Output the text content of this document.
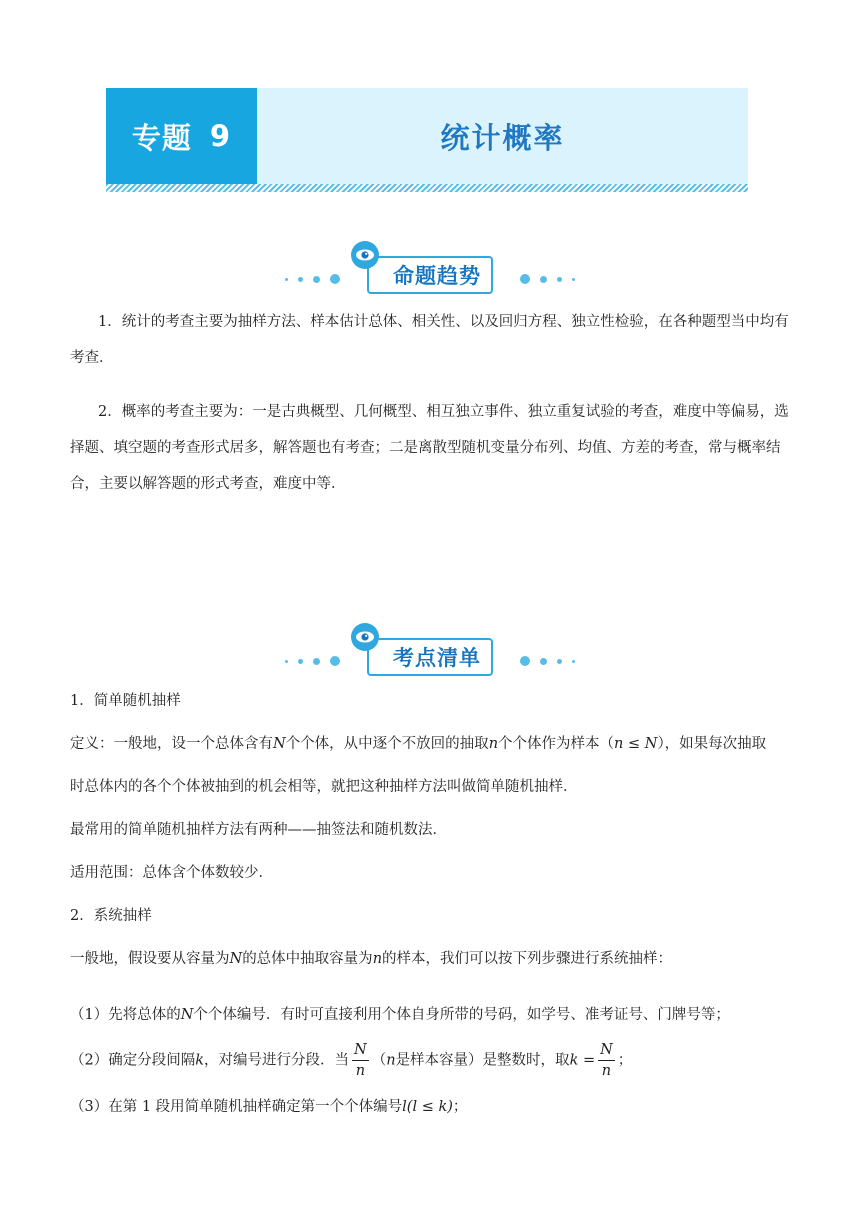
专题 9	统计概率
命题趋势
1．统计的考查主要为抽样方法、样本估计总体、相关性、以及回归方程、独立性检验，在各种题型当中均有考查．
2．概率的考查主要为：一是古典概型、几何概型、相互独立事件、独立重复试验的考查，难度中等偏易，选择题、填空题的考查形式居多，解答题也有考查；二是离散型随机变量分布列、均值、方差的考查，常与概率结合，主要以解答题的形式考查，难度中等．
考点清单
1．简单随机抽样
定义：一般地，设一个总体含有N个个体，从中逐个不放回的抽取n个个体作为样本（n ≤ N），如果每次抽取
时总体内的各个个体被抽到的机会相等，就把这种抽样方法叫做简单随机抽样．
最常用的简单随机抽样方法有两种——抽签法和随机数法．
适用范围：总体含个体数较少．
2．系统抽样
一般地，假设要从容量为N的总体中抽取容量为n的样本，我们可以按下列步骤进行系统抽样：
（1）先将总体的N个个体编号．有时可直接利用个体自身所带的号码，如学号、准考证号、门牌号等；
（2）确定分段间隔k，对编号进行分段．当 $\frac{N}{n} (n$是样本容量）是整数时，取$k = \frac{N}{n}$ ；
（3）在第 1 段用简单随机抽样确定第一个个体编号l(l ≤ k)；
